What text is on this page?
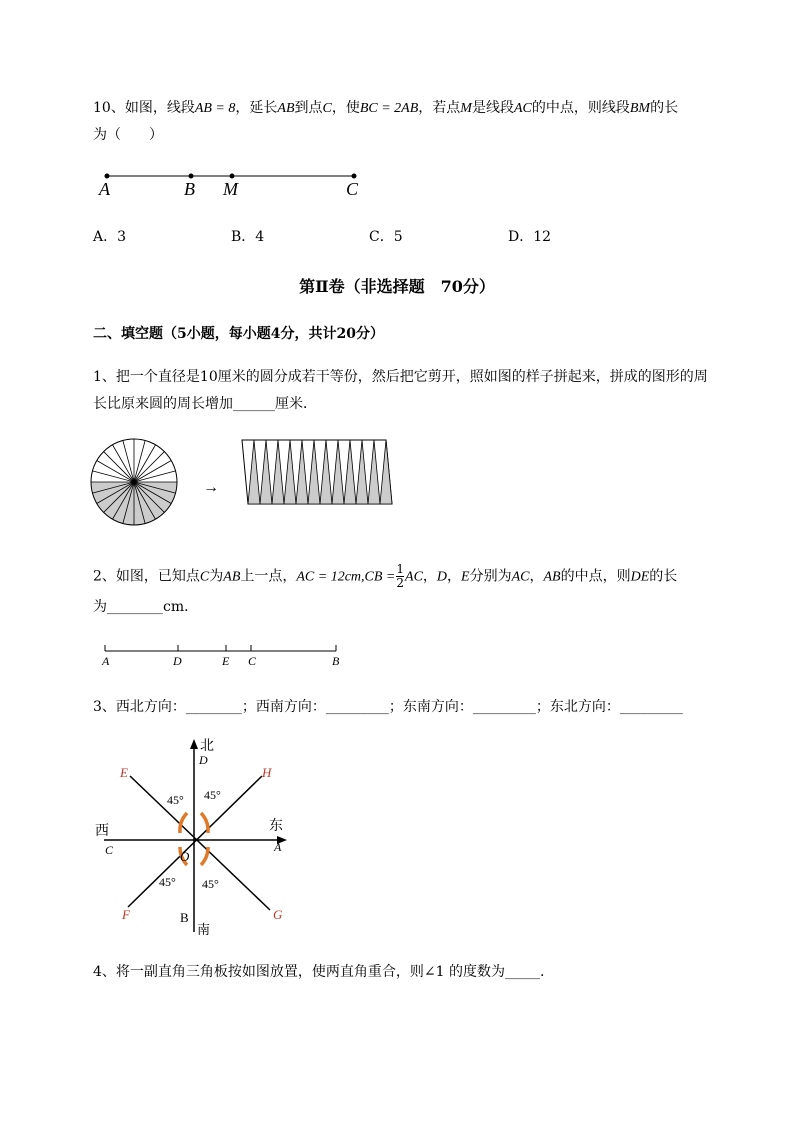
10、如图，线段AB = 8，延长AB到点C，使BC = 2AB，若点M是线段AC的中点，则线段BM的长
为（　　）
A	B M	C
A．3	B．4	C．5	D．12
第Ⅱ卷（非选择题　70分）
二、填空题（5小题，每小题4分，共计20分）
1、把一个直径是10厘米的圆分成若干等份，然后把它剪开，照如图的样子拼起来，拼成的图形的周
长比原来圆的周长增加______厘米．
→
2、如图，已知点C为AB上一点，AC = $12cm,CB = \frac{1}{2}$ AC，D，E分别为AC，AB的中点，则DE的长
为________cm．
A	D	E C	B
3、西北方向：________；西南方向：_________；东南方向：_________；东北方向：_________
北
D
B
南
西
C
东
A
O
E	H
F	G
45° 45°
45° 45°
4、将一副直角三角板按如图放置，使两直角重合，则∠1 的度数为_____.
